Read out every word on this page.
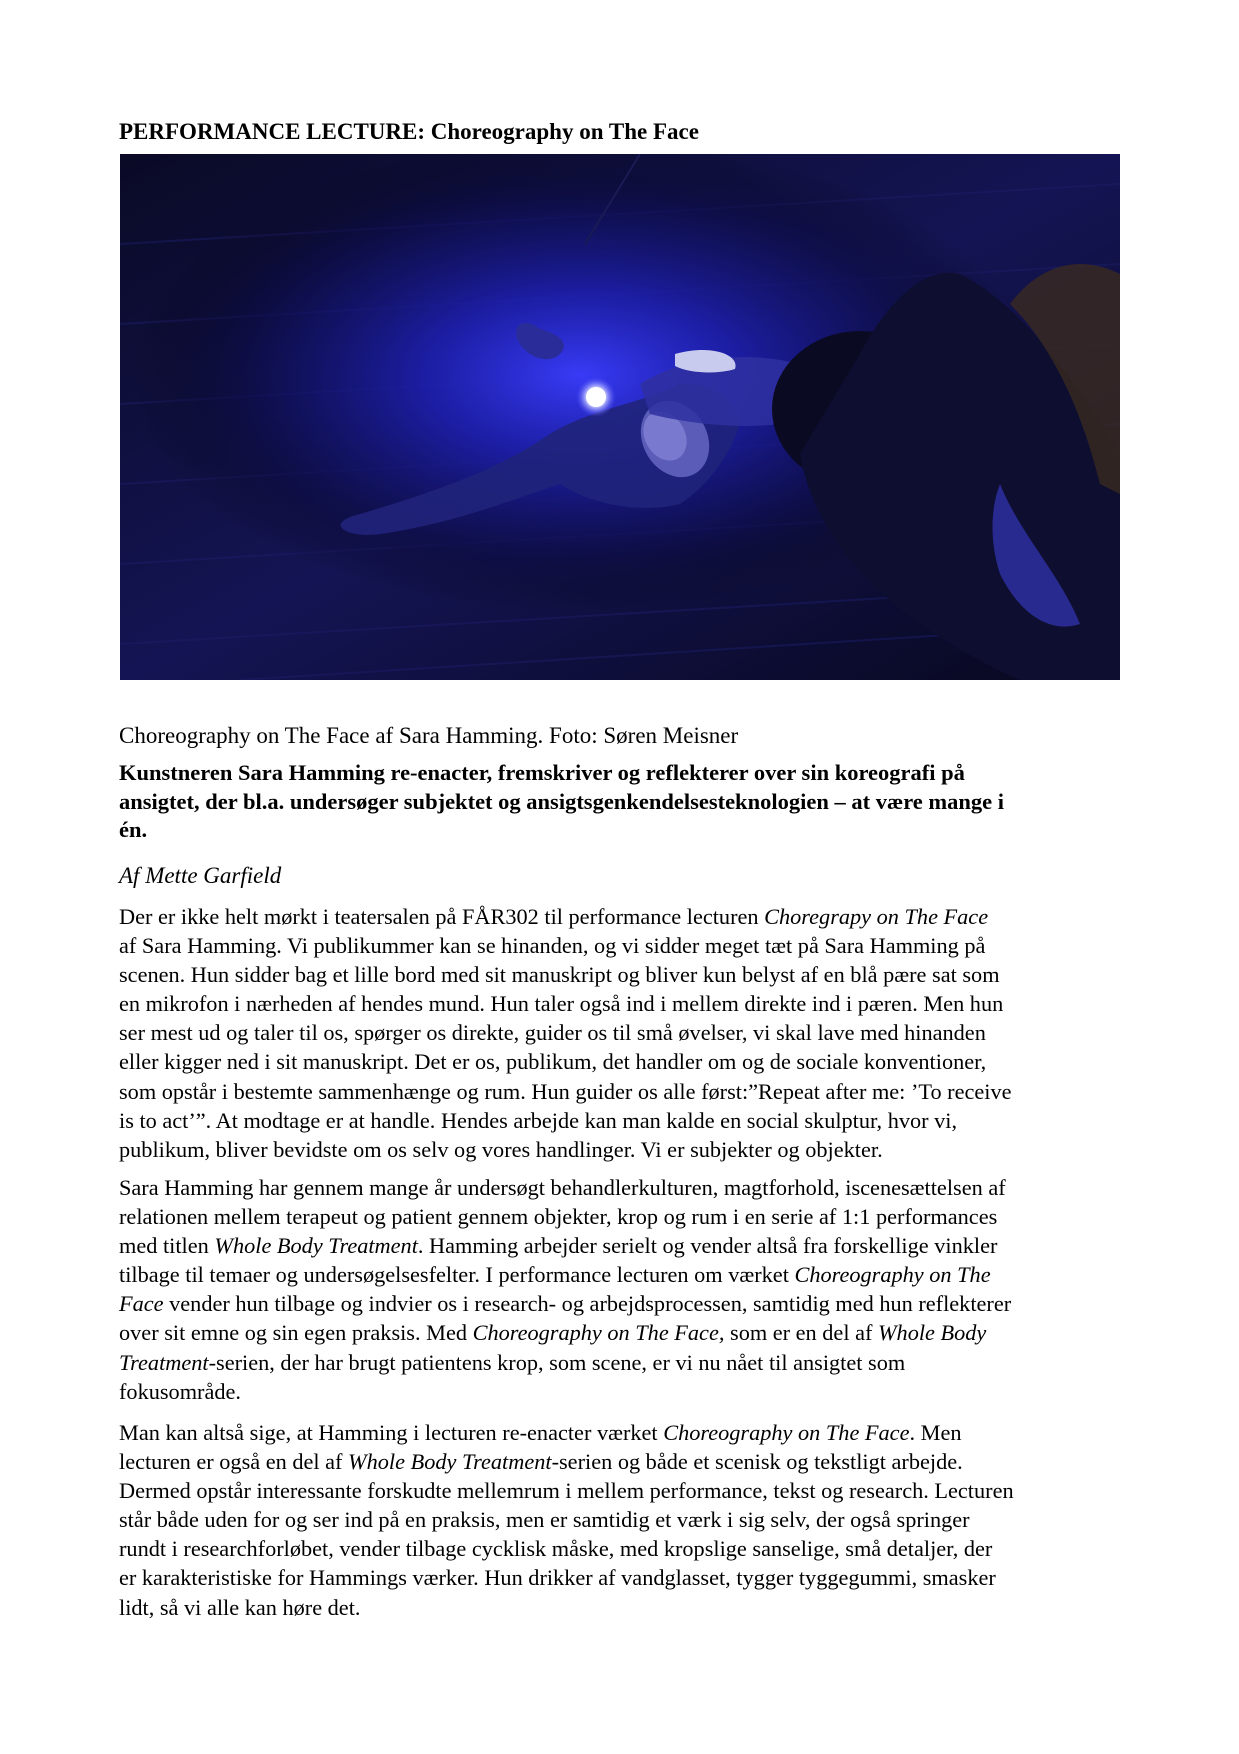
PERFORMANCE LECTURE: Choreography on The Face

Choreography on The Face af Sara Hamming. Foto: Søren Meisner

Kunstneren Sara Hamming re-enacter, fremskriver og reflekterer over sin koreografi på
ansigtet, der bl.a. undersøger subjektet og ansigtsgenkendelsesteknologien – at være mange i
én.

Af Mette Garfield

Der er ikke helt mørkt i teatersalen på FÅR302 til performance lecturen Choregrapy on The Face
af Sara Hamming. Vi publikummer kan se hinanden, og vi sidder meget tæt på Sara Hamming på
scenen. Hun sidder bag et lille bord med sit manuskript og bliver kun belyst af en blå pære sat som
en mikrofon i nærheden af hendes mund. Hun taler også ind i mellem direkte ind i pæren. Men hun
ser mest ud og taler til os, spørger os direkte, guider os til små øvelser, vi skal lave med hinanden
eller kigger ned i sit manuskript. Det er os, publikum, det handler om og de sociale konventioner,
som opstår i bestemte sammenhænge og rum. Hun guider os alle først:”Repeat after me: ’To receive
is to act’”. At modtage er at handle. Hendes arbejde kan man kalde en social skulptur, hvor vi,
publikum, bliver bevidste om os selv og vores handlinger. Vi er subjekter og objekter.

Sara Hamming har gennem mange år undersøgt behandlerkulturen, magtforhold, iscenesættelsen af
relationen mellem terapeut og patient gennem objekter, krop og rum i en serie af 1:1 performances
med titlen Whole Body Treatment. Hamming arbejder serielt og vender altså fra forskellige vinkler
tilbage til temaer og undersøgelsesfelter. I performance lecturen om værket Choreography on The
Face vender hun tilbage og indvier os i research- og arbejdsprocessen, samtidig med hun reflekterer
over sit emne og sin egen praksis. Med Choreography on The Face, som er en del af Whole Body
Treatment-serien, der har brugt patientens krop, som scene, er vi nu nået til ansigtet som
fokusområde.

Man kan altså sige, at Hamming i lecturen re-enacter værket Choreography on The Face. Men
lecturen er også en del af Whole Body Treatment-serien og både et scenisk og tekstligt arbejde.
Dermed opstår interessante forskudte mellemrum i mellem performance, tekst og research. Lecturen
står både uden for og ser ind på en praksis, men er samtidig et værk i sig selv, der også springer
rundt i researchforløbet, vender tilbage cycklisk måske, med kropslige sanselige, små detaljer, der
er karakteristiske for Hammings værker. Hun drikker af vandglasset, tygger tyggegummi, smasker
lidt, så vi alle kan høre det.
